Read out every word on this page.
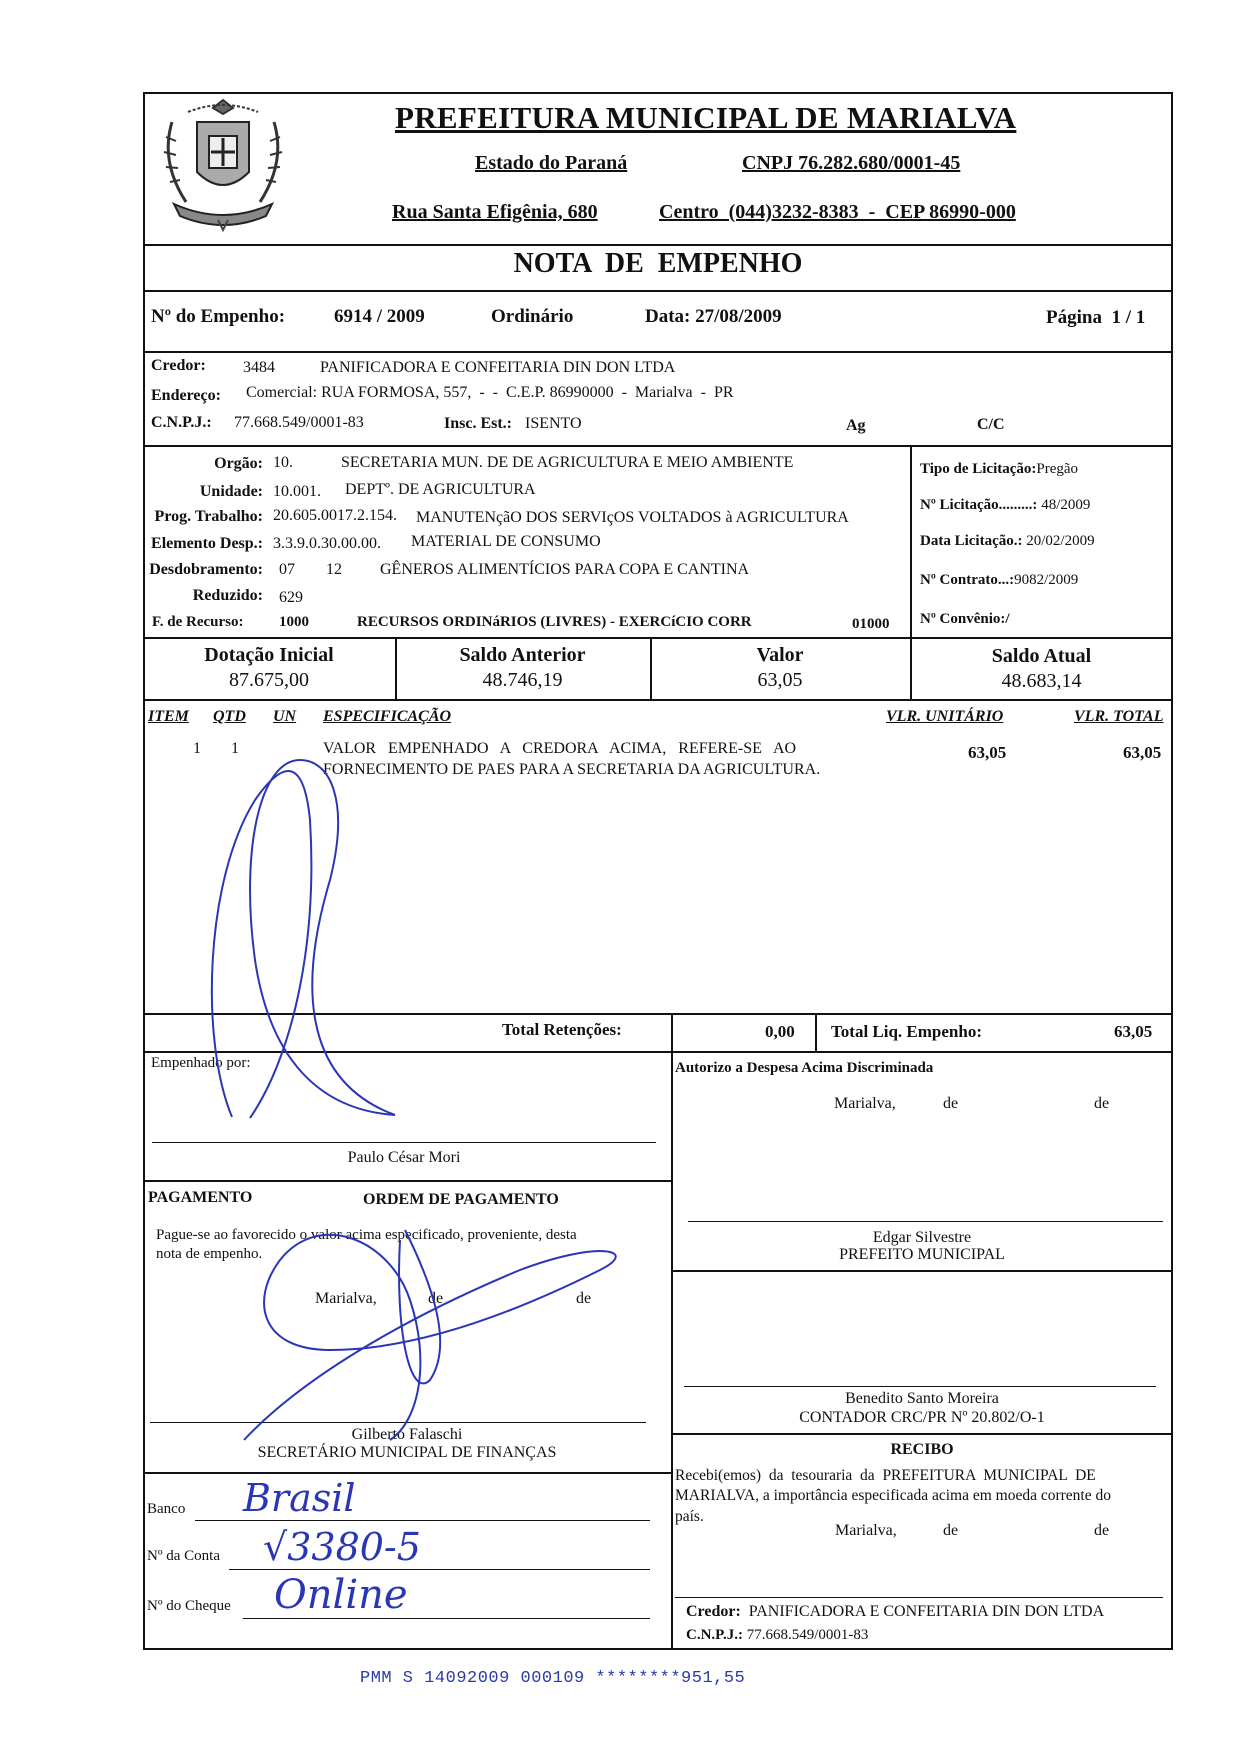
PREFEITURA MUNICIPAL DE MARIALVA
Estado do Paraná	CNPJ 76.282.680/0001-45
Rua Santa Efigênia, 680	Centro  (044)3232-8383  -  CEP 86990-000
NOTA  DE  EMPENHO
Nº do Empenho:	6914 / 2009	Ordinário	Data: 27/08/2009	Página  1 / 1
Credor: 3484	PANIFICADORA E CONFEITARIA DIN DON LTDA
Endereço: Comercial: RUA FORMOSA, 557,  -  -  C.E.P. 86990000  -  Marialva  -  PR
C.N.P.J.: 77.668.549/0001-83	Insc. Est.: ISENTO	Ag	C/C
Orgão: 10.	SECRETARIA MUN. DE DE AGRICULTURA E MEIO AMBIENTE
Unidade: 10.001. DEPTº. DE AGRICULTURA
Prog. Trabalho: 20.605.0017.2.154. MANUTENçãO DOS SERVIçOS VOLTADOS à AGRICULTURA
Elemento Desp.: 3.3.9.0.30.00.00. MATERIAL DE CONSUMO
Desdobramento: 07 12 GÊNEROS ALIMENTÍCIOS PARA COPA E CANTINA
Reduzido: 629
F. de Recurso: 1000	RECURSOS ORDINáRIOS (LIVRES) - EXERCíCIO CORR	01000
Tipo de Licitação:Pregão
Nº Licitação.........: 48/2009
Data Licitação.: 20/02/2009
Nº Contrato...:9082/2009
Nº Convênio:/
Dotação Inicial
87.675,00
Saldo Anterior
48.746,19
Valor
63,05
Saldo Atual
48.683,14
ITEM QTD UN ESPECIFICAÇÃO	VLR. UNITÁRIO	VLR. TOTAL
1 1	VALOR   EMPENHADO   A   CREDORA   ACIMA,   REFERE-SE   AO
FORNECIMENTO DE PAES PARA A SECRETARIA DA AGRICULTURA.
63,05	63,05
Total Retenções:	0,00 Total Liq. Empenho:	63,05
Empenhado por:
Paulo César Mori
Autorizo a Despesa Acima Discriminada
Marialva,	de	de
Edgar Silvestre
PREFEITO MUNICIPAL
PAGAMENTO	ORDEM DE PAGAMENTO
Pague-se ao favorecido o valor acima especificado, proveniente, desta
nota de empenho.
Marialva,	de	de
Gilberto Falaschi
SECRETÁRIO MUNICIPAL DE FINANÇAS
Benedito Santo Moreira
CONTADOR CRC/PR Nº 20.802/O-1
Banco Brasil
Nº da Conta √3380-5
Nº do Cheque Online
RECIBO
Recebi(emos)  da  tesouraria  da  PREFEITURA  MUNICIPAL  DE
MARIALVA, a importância especificada acima em moeda corrente do
país.
Marialva,	de	de
Credor: PANIFICADORA E CONFEITARIA DIN DON LTDA
C.N.P.J.: 77.668.549/0001-83
PMM S 14092009 000109 ********951,55
